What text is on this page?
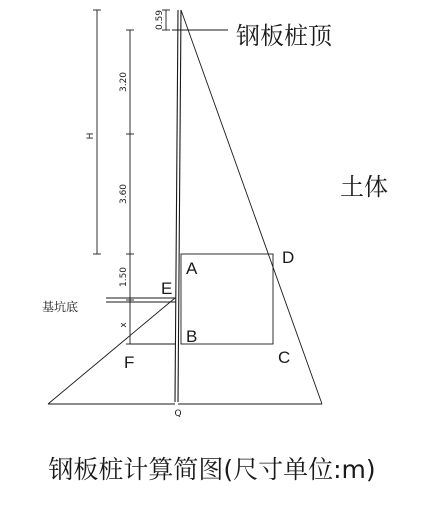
H
3.20
3.60
1.50
x
0.59
钢板桩顶
基坑底
A
B
C
D
E
F
土体
Q
钢板桩计算简图(尺寸单位:m)
